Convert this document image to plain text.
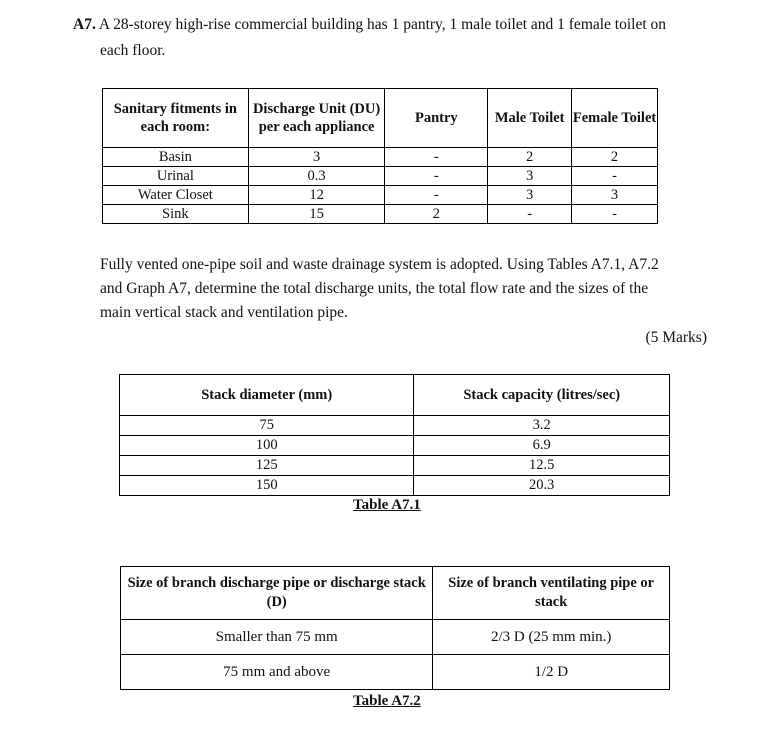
A7. A 28-storey high-rise commercial building has 1 pantry, 1 male toilet and 1 female toilet on
each floor.
Sanitary fitments in each room:	Discharge Unit (DU) per each appliance	Pantry	Male Toilet	Female Toilet
Basin	3	-	2	2
Urinal	0.3	-	3	-
Water Closet	12	-	3	3
Sink	15	2	-	-
Fully vented one-pipe soil and waste drainage system is adopted. Using Tables A7.1, A7.2
and Graph A7, determine the total discharge units, the total flow rate and the sizes of the
main vertical stack and ventilation pipe.
(5 Marks)
Stack diameter (mm)	Stack capacity (litres/sec)
75	3.2
100	6.9
125	12.5
150	20.3
Table A7.1
Size of branch discharge pipe or discharge stack (D)	Size of branch ventilating pipe or stack
Smaller than 75 mm	2/3 D (25 mm min.)
75 mm and above	1/2 D
Table A7.2
